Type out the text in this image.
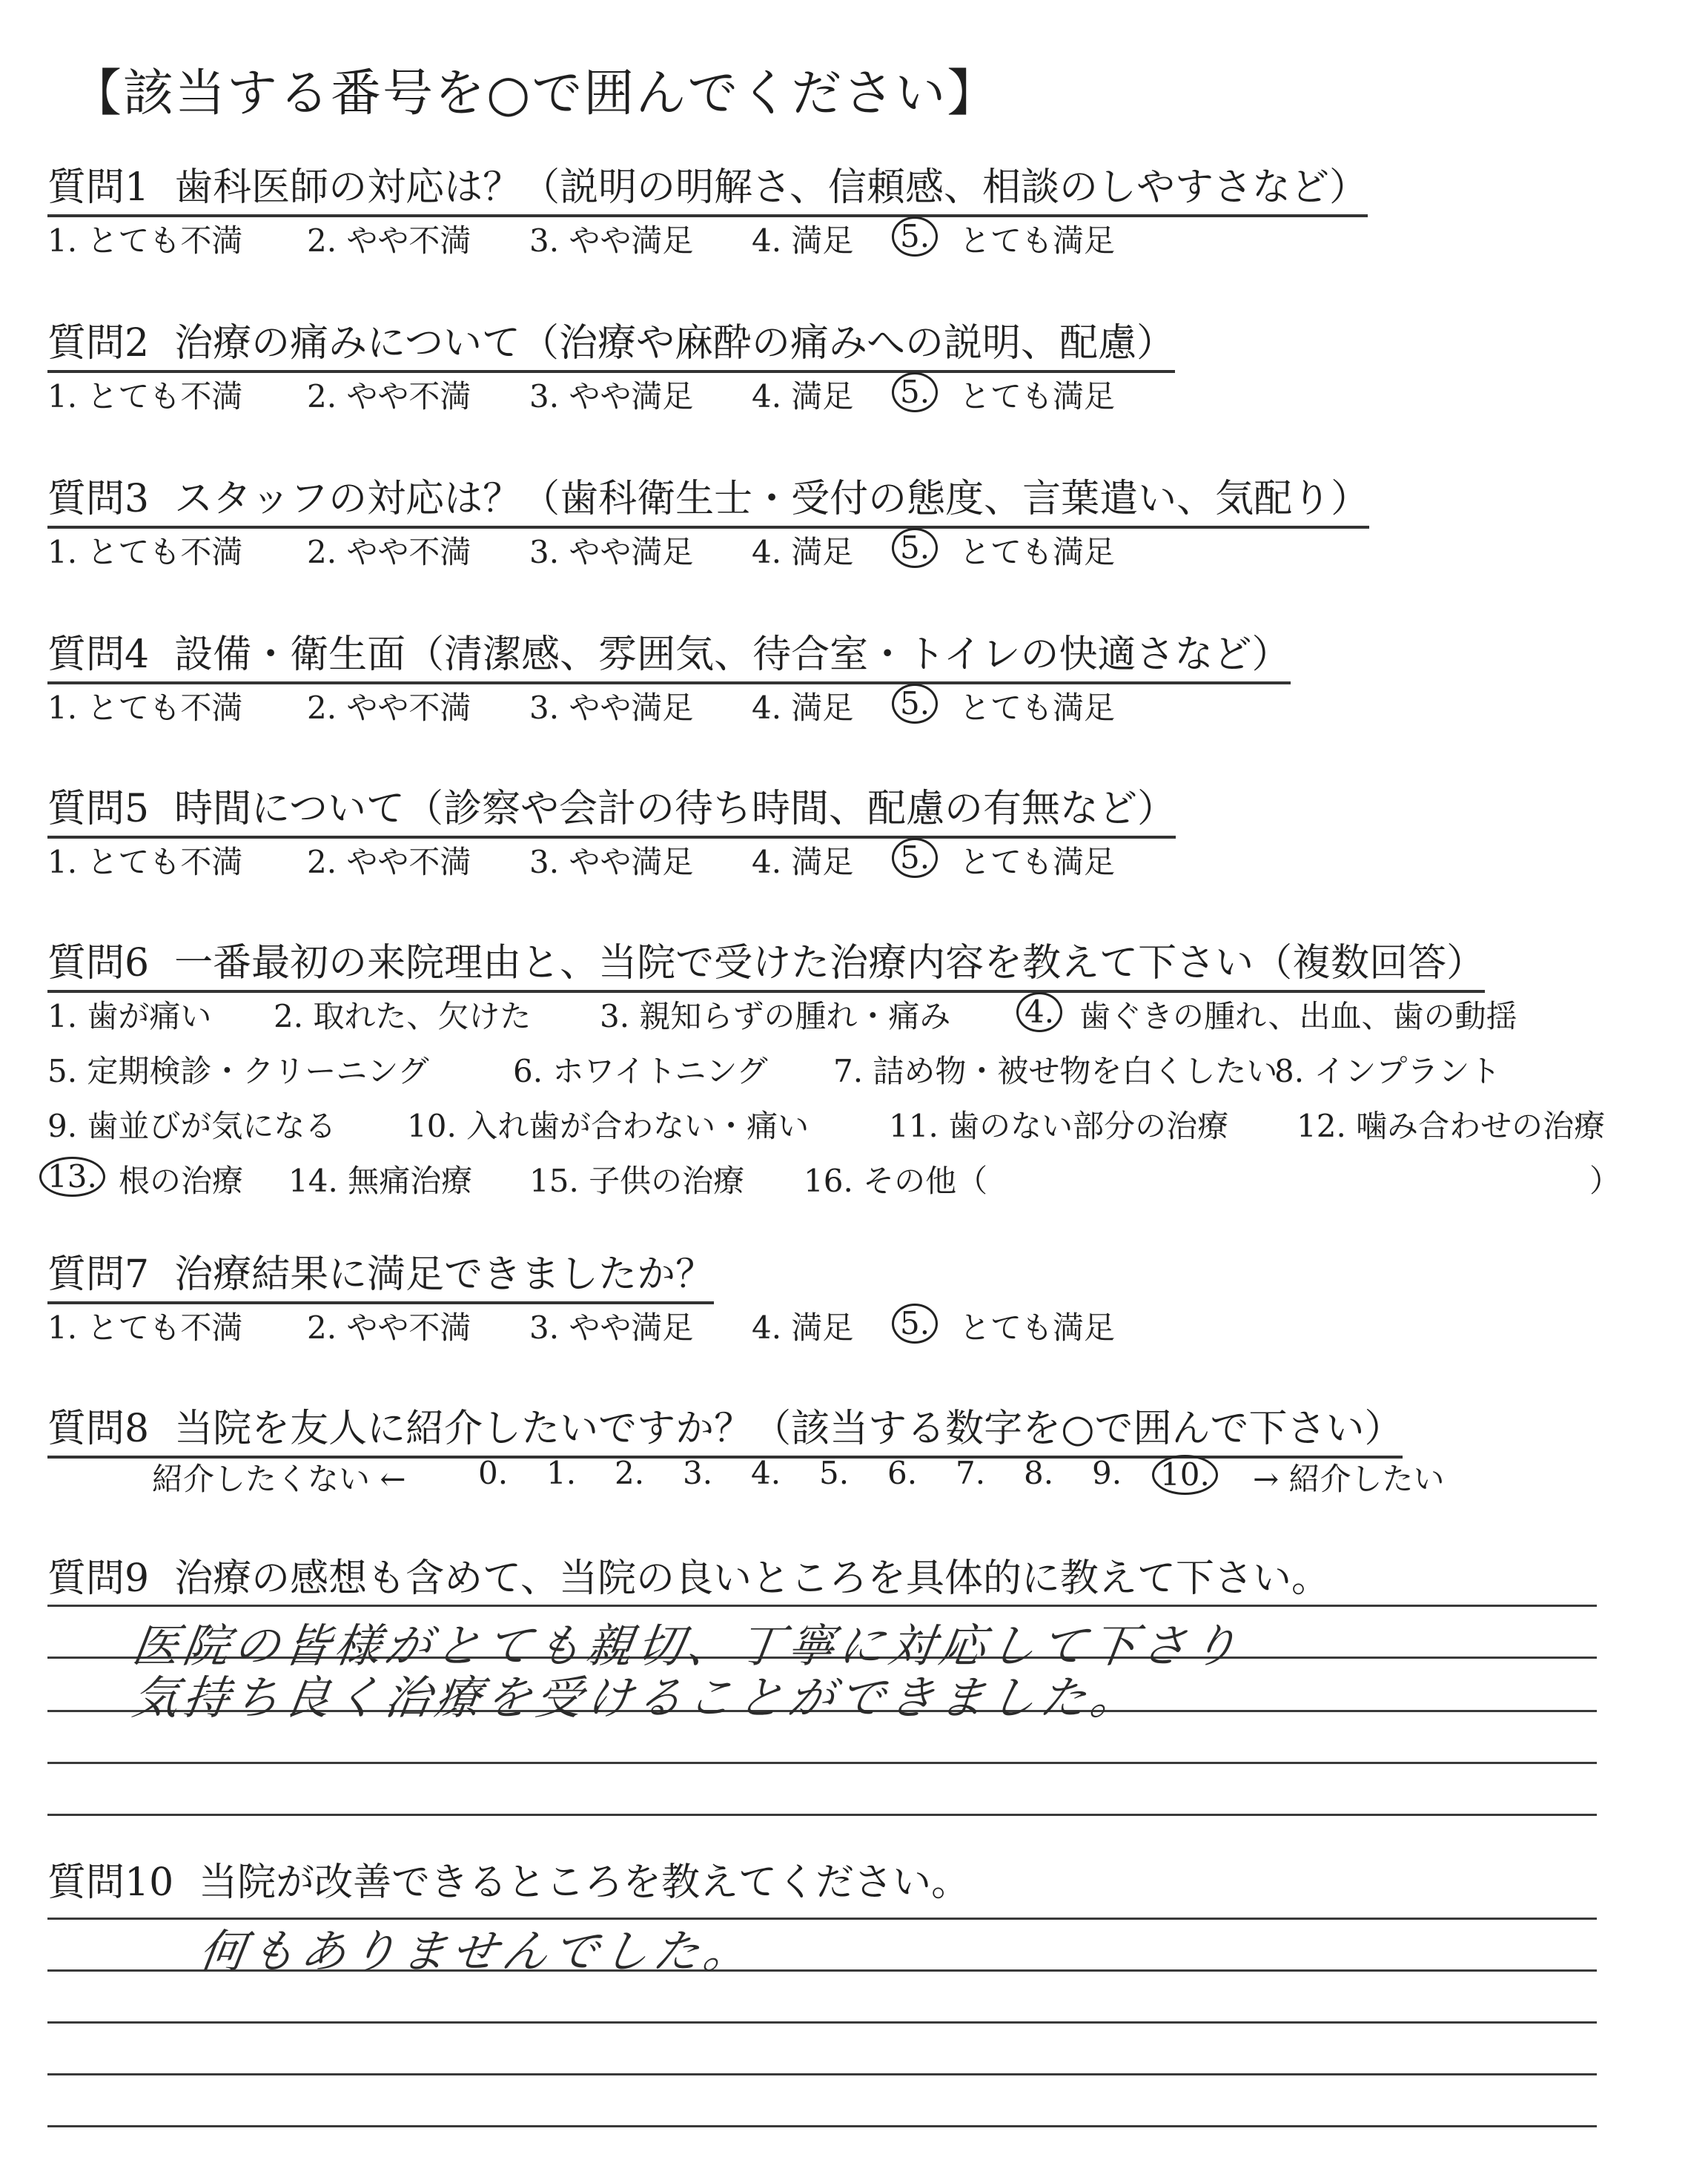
【該当する番号を○で囲んでください】
質問1 歯科医師の対応は？（説明の明解さ、信頼感、相談のしやすさなど）
1. とても不満 2. やや不満 3. やや満足 4. 満足 5. とても満足
質問2 治療の痛みについて（治療や麻酔の痛みへの説明、配慮）
1. とても不満 2. やや不満 3. やや満足 4. 満足 5. とても満足
質問3 スタッフの対応は？（歯科衛生士・受付の態度、言葉遣い、気配り）
1. とても不満 2. やや不満 3. やや満足 4. 満足 5. とても満足
質問4 設備・衛生面（清潔感、雰囲気、待合室・トイレの快適さなど）
1. とても不満 2. やや不満 3. やや満足 4. 満足 5. とても満足
質問5 時間について（診察や会計の待ち時間、配慮の有無など）
1. とても不満 2. やや不満 3. やや満足 4. 満足 5. とても満足
質問6 一番最初の来院理由と、当院で受けた治療内容を教えて下さい（複数回答）
1. 歯が痛い 2. 取れた、欠けた 3. 親知らずの腫れ・痛み 4. 歯ぐきの腫れ、出血、歯の動揺
5. 定期検診・クリーニング	6. ホワイトニング 7. 詰め物・被せ物を白くしたい
8. インプラント
9. 歯並びが気になる 10. 入れ歯が合わない・痛い	11. 歯のない部分の治療 12. 噛み合わせの治療
13. 根の治療 14. 無痛治療 15. 子供の治療 16. その他（	）
質問7 治療結果に満足できましたか？
1. とても不満 2. やや不満 3. やや満足 4. 満足 5. とても満足
質問8 当院を友人に紹介したいですか？（該当する数字を○で囲んで下さい）
紹介したくない ← 0. 1. 2. 3. 4. 5. 6. 7. 8. 9. 10. → 紹介したい
質問9 治療の感想も含めて、当院の良いところを具体的に教えて下さい。
医院の皆様がとても親切、丁寧に対応して下さり
気持ち良く治療を受けることができました。
質問10 当院が改善できるところを教えてください。
何もありませんでした。
